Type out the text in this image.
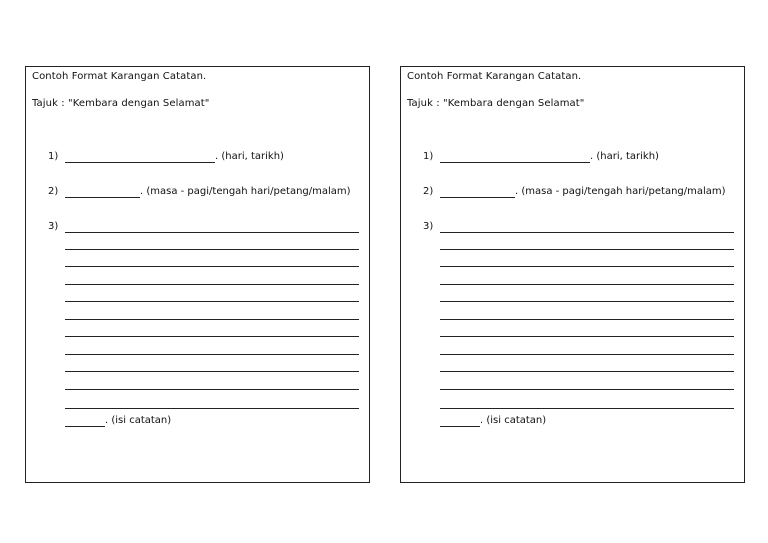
Contoh Format Karangan Catatan.
Tajuk : "Kembara dengan Selamat"
1)	. (hari, tarikh)
2)	. (masa - pagi/tengah hari/petang/malam)
3)
. (isi catatan)
Contoh Format Karangan Catatan.
Tajuk : "Kembara dengan Selamat"
1)	. (hari, tarikh)
2)	. (masa - pagi/tengah hari/petang/malam)
3)
. (isi catatan)
